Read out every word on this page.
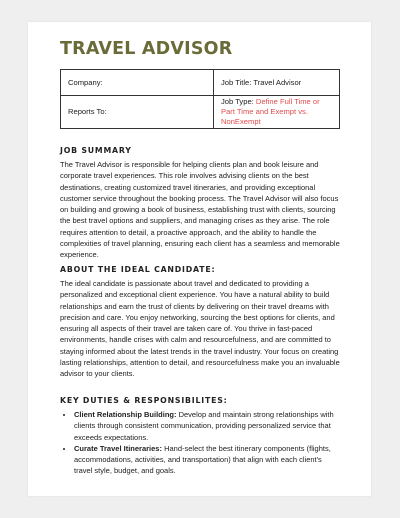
TRAVEL ADVISOR
Company:	Job Title: Travel Advisor
Reports To:	Job Type: Define Full Time or Part Time and Exempt vs. NonExempt
JOB SUMMARY

The Travel Advisor is responsible for helping clients plan and book leisure and corporate travel experiences. This role involves advising clients on the best destinations, creating customized travel itineraries, and providing exceptional customer service throughout the booking process. The Travel Advisor will also focus on building and growing a book of business, establishing trust with clients, sourcing the best travel options and suppliers, and managing crises as they arise. The role requires attention to detail, a proactive approach, and the ability to handle the complexities of travel planning, ensuring each client has a seamless and memorable experience.

ABOUT THE IDEAL CANDIDATE:

The ideal candidate is passionate about travel and dedicated to providing a personalized and exceptional client experience. You have a natural ability to build relationships and earn the trust of clients by delivering on their travel dreams with precision and care. You enjoy networking, sourcing the best options for clients, and ensuring all aspects of their travel are taken care of. You thrive in fast-paced environments, handle crises with calm and resourcefulness, and are committed to staying informed about the latest trends in the travel industry. Your focus on creating lasting relationships, attention to detail, and resourcefulness make you an invaluable advisor to your clients.

KEY DUTIES & RESPONSIBILITES:
• Client Relationship Building: Develop and maintain strong relationships with clients through consistent communication, providing personalized service that exceeds expectations.
• Curate Travel Itineraries: Hand-select the best itinerary components (flights, accommodations, activities, and transportation) that align with each client's travel style, budget, and goals.
